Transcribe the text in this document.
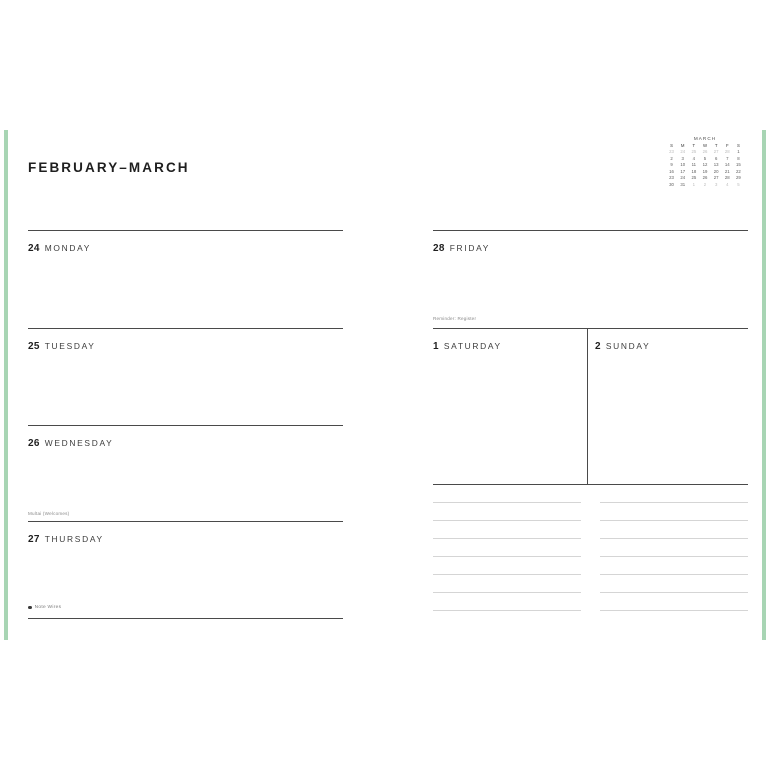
FEBRUARY–MARCH
24 MONDAY
25 TUESDAY
26 WEDNESDAY
Multai (Welcomes)
27 THURSDAY
Note Wires
MARCH
S	M	T	W	T	F	S
23	24	25	26	27	28	1
2	3	4	5	6	7	8
9	10	11	12	13	14	15
16	17	18	19	20	21	22
23	24	25	26	27	28	29
30	31	1	2	3	4	5
28 FRIDAY
Reminder: Register
1 SATURDAY	2 SUNDAY
